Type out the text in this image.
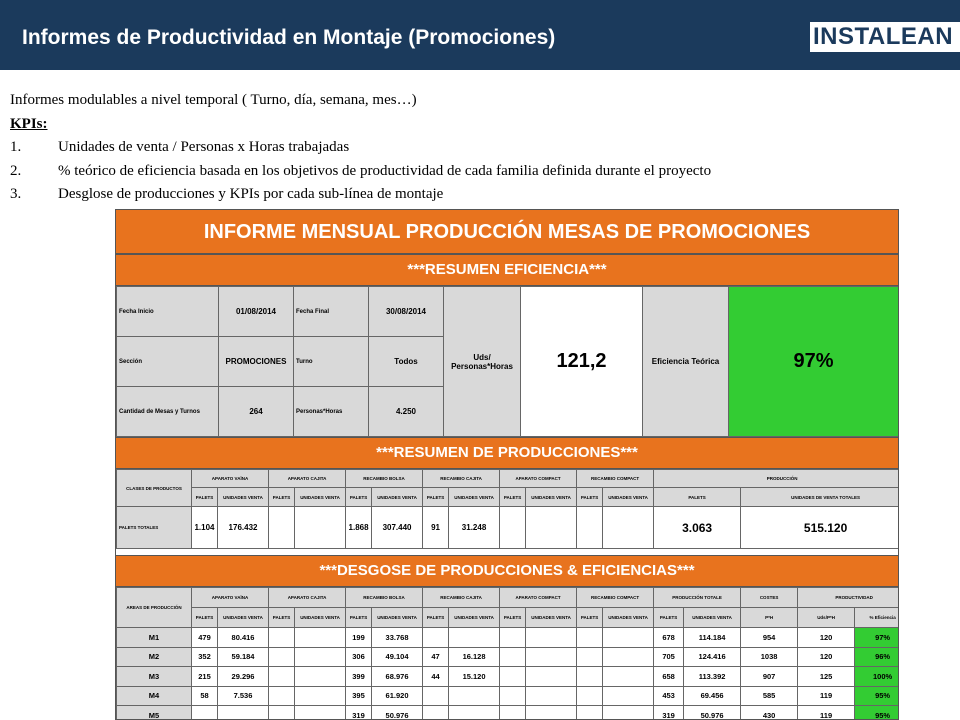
Informes de Productividad en Montaje (Promociones)	INSTALEAN
Informes modulables a nivel temporal ( Turno, día, semana, mes…)
KPIs:
1.	Unidades de venta / Personas x Horas trabajadas
2.	% teórico de eficiencia basada en los objetivos de productividad de cada familia definida durante el proyecto
3.	Desglose de producciones y KPIs por cada sub-línea de montaje
INFORME MENSUAL PRODUCCIÓN MESAS DE PROMOCIONES
***RESUMEN EFICIENCIA***
Fecha Inicio	01/08/2014	Fecha Final	30/08/2014	Uds/
Personas*Horas	121,2	Eficiencia Teórica	97%
Sección	PROMOCIONES	Turno	Todos				
Cantidad de Mesas y Turnos	264	Personas*Horas	4.250				
***RESUMEN DE PRODUCCIONES***
CLASES DE PRODUCTOS	APARATO VAÏNA		APARATO CAJITA		RECAMBIO BOLSA		RECAMBIO CAJITA		APARATO COMPACT		RECAMBIO COMPACT		PRODUCCIÓN	
	PALETS	UNIDADES VENTA	PALETS	UNIDADES VENTA	PALETS	UNIDADES VENTA	PALETS	UNIDADES VENTA	PALETS	UNIDADES VENTA	PALETS	UNIDADES VENTA	PALETS	UNIDADES DE VENTA TOTALES
PALETS TOTALES	1.104	176.432			1.868	307.440	91	31.248					3.063	515.120
***DESGOSE DE PRODUCCIONES & EFICIENCIAS***
AREAS DE PRODUCCIÓN	APARATO VAÏNA		APARATO CAJITA		RECAMBIO BOLSA		RECAMBIO CAJITA		APARATO COMPACT		RECAMBIO COMPACT		PRODUCCIÓN TOTALE		COSTES	PRODUCTIVIDAD	
	PALETS	UNIDADES VENTA	PALETS	UNIDADES VENTA	PALETS	UNIDADES VENTA	PALETS	UNIDADES VENTA	PALETS	UNIDADES VENTA	PALETS	UNIDADES VENTA	PALETS	UNIDADES VENTA	P*H	Uds/P*H	% Eficiencia
M1	479	80.416			199	33.768							678	114.184	954	120	97%
M2	352	59.184			306	49.104	47	16.128					705	124.416	1038	120	96%
M3	215	29.296			399	68.976	44	15.120					658	113.392	907	125	100%
M4	58	7.536			395	61.920							453	69.456	585	119	95%
M5					319	50.976							319	50.976	430	119	95%
